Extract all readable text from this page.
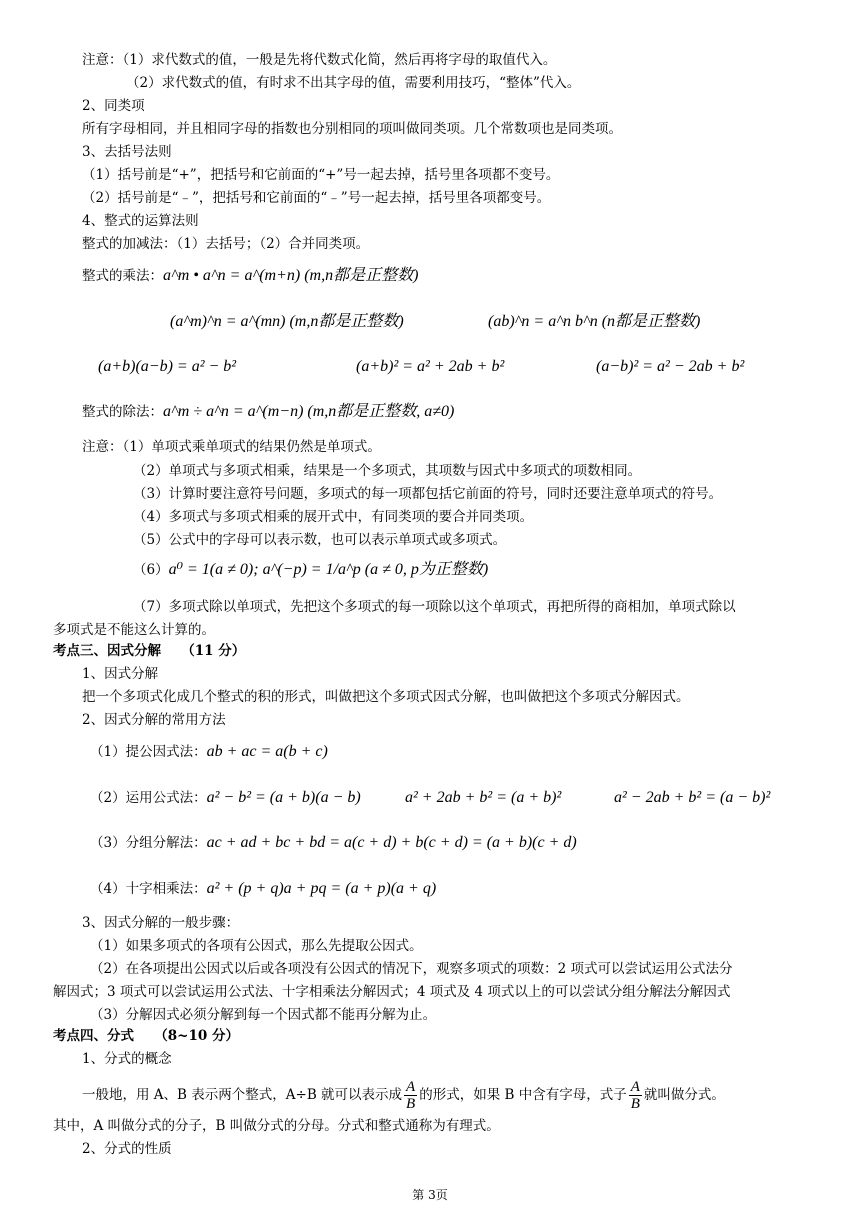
注意：（1）求代数式的值，一般是先将代数式化简，然后再将字母的取值代入。
（2）求代数式的值，有时求不出其字母的值，需要利用技巧，“整体”代入。
2、同类项
所有字母相同，并且相同字母的指数也分别相同的项叫做同类项。几个常数项也是同类项。
3、去括号法则
（1）括号前是“+”，把括号和它前面的“+”号一起去掉，括号里各项都不变号。
（2）括号前是“﹣”，把括号和它前面的“﹣”号一起去掉，括号里各项都变号。
4、整式的运算法则
整式的加减法：（1）去括号；（2）合并同类项。
整式的乘法：a^m • a^n = a^(m+n) (m,n都是正整数)
(a^m)^n = a^(mn) (m,n都是正整数)	(ab)^n = a^n b^n (n都是正整数)
(a+b)(a−b) = a² − b²	(a+b)² = a² + 2ab + b²	(a−b)² = a² − 2ab + b²
整式的除法：a^m ÷ a^n = a^(m−n) (m,n都是正整数, a≠0)
注意：（1）单项式乘单项式的结果仍然是单项式。
（2）单项式与多项式相乘，结果是一个多项式，其项数与因式中多项式的项数相同。
（3）计算时要注意符号问题，多项式的每一项都包括它前面的符号，同时还要注意单项式的符号。
（4）多项式与多项式相乘的展开式中，有同类项的要合并同类项。
（5）公式中的字母可以表示数，也可以表示单项式或多项式。
（6）a⁰ = 1(a ≠ 0); a^(−p) = 1/a^p (a ≠ 0, p为正整数)
（7）多项式除以单项式，先把这个多项式的每一项除以这个单项式，再把所得的商相加，单项式除以
多项式是不能这么计算的。
考点三、因式分解　　（11 分）
1、因式分解
把一个多项式化成几个整式的积的形式，叫做把这个多项式因式分解，也叫做把这个多项式分解因式。
2、因式分解的常用方法
（1）提公因式法：ab + ac = a(b + c)
（2）运用公式法：a² − b² = (a + b)(a − b)	a² + 2ab + b² = (a + b)²	a² − 2ab + b² = (a − b)²
（3）分组分解法：ac + ad + bc + bd = a(c + d) + b(c + d) = (a + b)(c + d)
（4）十字相乘法：a² + (p + q)a + pq = (a + p)(a + q)
3、因式分解的一般步骤：
（1）如果多项式的各项有公因式，那么先提取公因式。
（2）在各项提出公因式以后或各项没有公因式的情况下，观察多项式的项数：2 项式可以尝试运用公式法分
解因式；3 项式可以尝试运用公式法、十字相乘法分解因式；4 项式及 4 项式以上的可以尝试分组分解法分解因式
（3）分解因式必须分解到每一个因式都不能再分解为止。
考点四、分式　　（8~10 分）
1、分式的概念
一般地，用 A、B 表示两个整式，A÷B 就可以表示成 $\frac{A}{B}$ 的形式，如果 B 中含有字母，式子 $\frac{A}{B}$ 就叫做分式。
其中，A 叫做分式的分子，B 叫做分式的分母。分式和整式通称为有理式。
2、分式的性质
第 3页
